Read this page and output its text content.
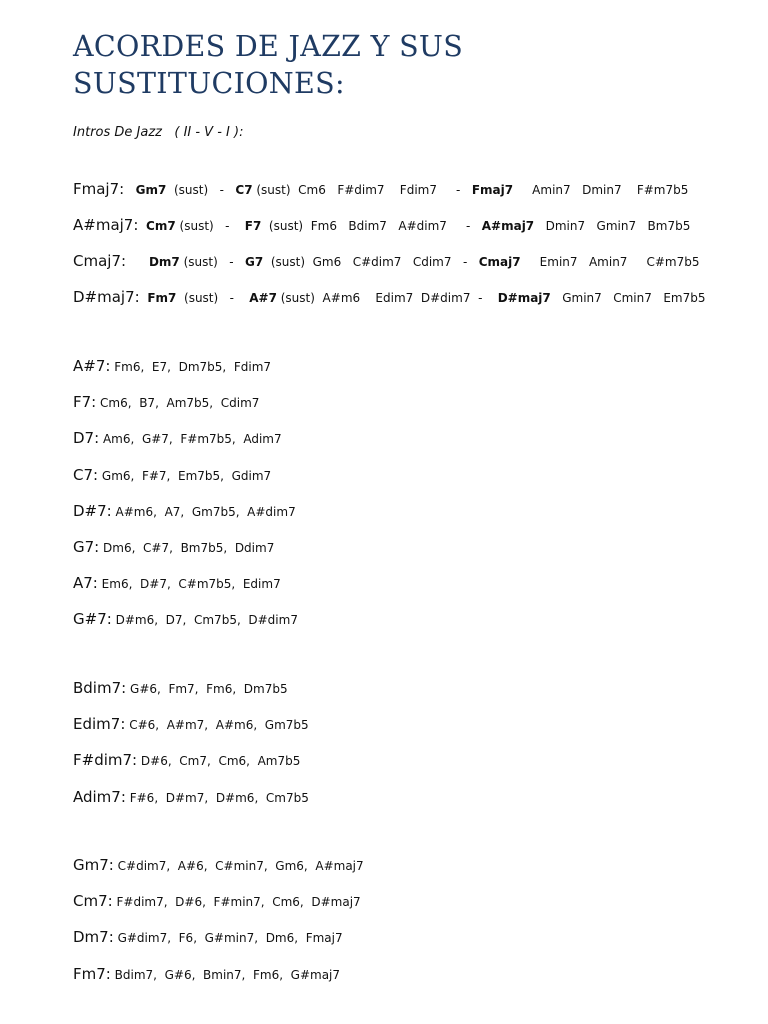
ACORDES DE JAZZ Y SUS SUSTITUCIONES:
Intros De Jazz   ( II - V - I ):
Fmaj7: Gm7  (sust)   -   C7 (sust)  Cm6   F#dim7    Fdim7     -   Fmaj7     Amin7   Dmin7    F#m7b5
A#maj7: Cm7 (sust)   -    F7  (sust)  Fm6   Bdim7   A#dim7     -   A#maj7   Dmin7   Gmin7   Bm7b5
Cmaj7: Dm7 (sust)   -   G7  (sust)  Gm6   C#dim7   Cdim7   -   Cmaj7     Emin7   Amin7     C#m7b5
D#maj7: Fm7  (sust)   -    A#7 (sust)  A#m6    Edim7  D#dim7  -    D#maj7   Gmin7   Cmin7   Em7b5
A#7: Fm6,  E7,  Dm7b5,  Fdim7
F7: Cm6,  B7,  Am7b5,  Cdim7
D7: Am6,  G#7,  F#m7b5,  Adim7
C7: Gm6,  F#7,  Em7b5,  Gdim7
D#7: A#m6,  A7,  Gm7b5,  A#dim7
G7: Dm6,  C#7,  Bm7b5,  Ddim7
A7: Em6,  D#7,  C#m7b5,  Edim7
G#7: D#m6,  D7,  Cm7b5,  D#dim7
Bdim7: G#6,  Fm7,  Fm6,  Dm7b5
Edim7: C#6,  A#m7,  A#m6,  Gm7b5
F#dim7: D#6,  Cm7,  Cm6,  Am7b5
Adim7: F#6,  D#m7,  D#m6,  Cm7b5
Gm7: C#dim7,  A#6,  C#min7,  Gm6,  A#maj7
Cm7: F#dim7,  D#6,  F#min7,  Cm6,  D#maj7
Dm7: G#dim7,  F6,  G#min7,  Dm6,  Fmaj7
Fm7: Bdim7,  G#6,  Bmin7,  Fm6,  G#maj7
